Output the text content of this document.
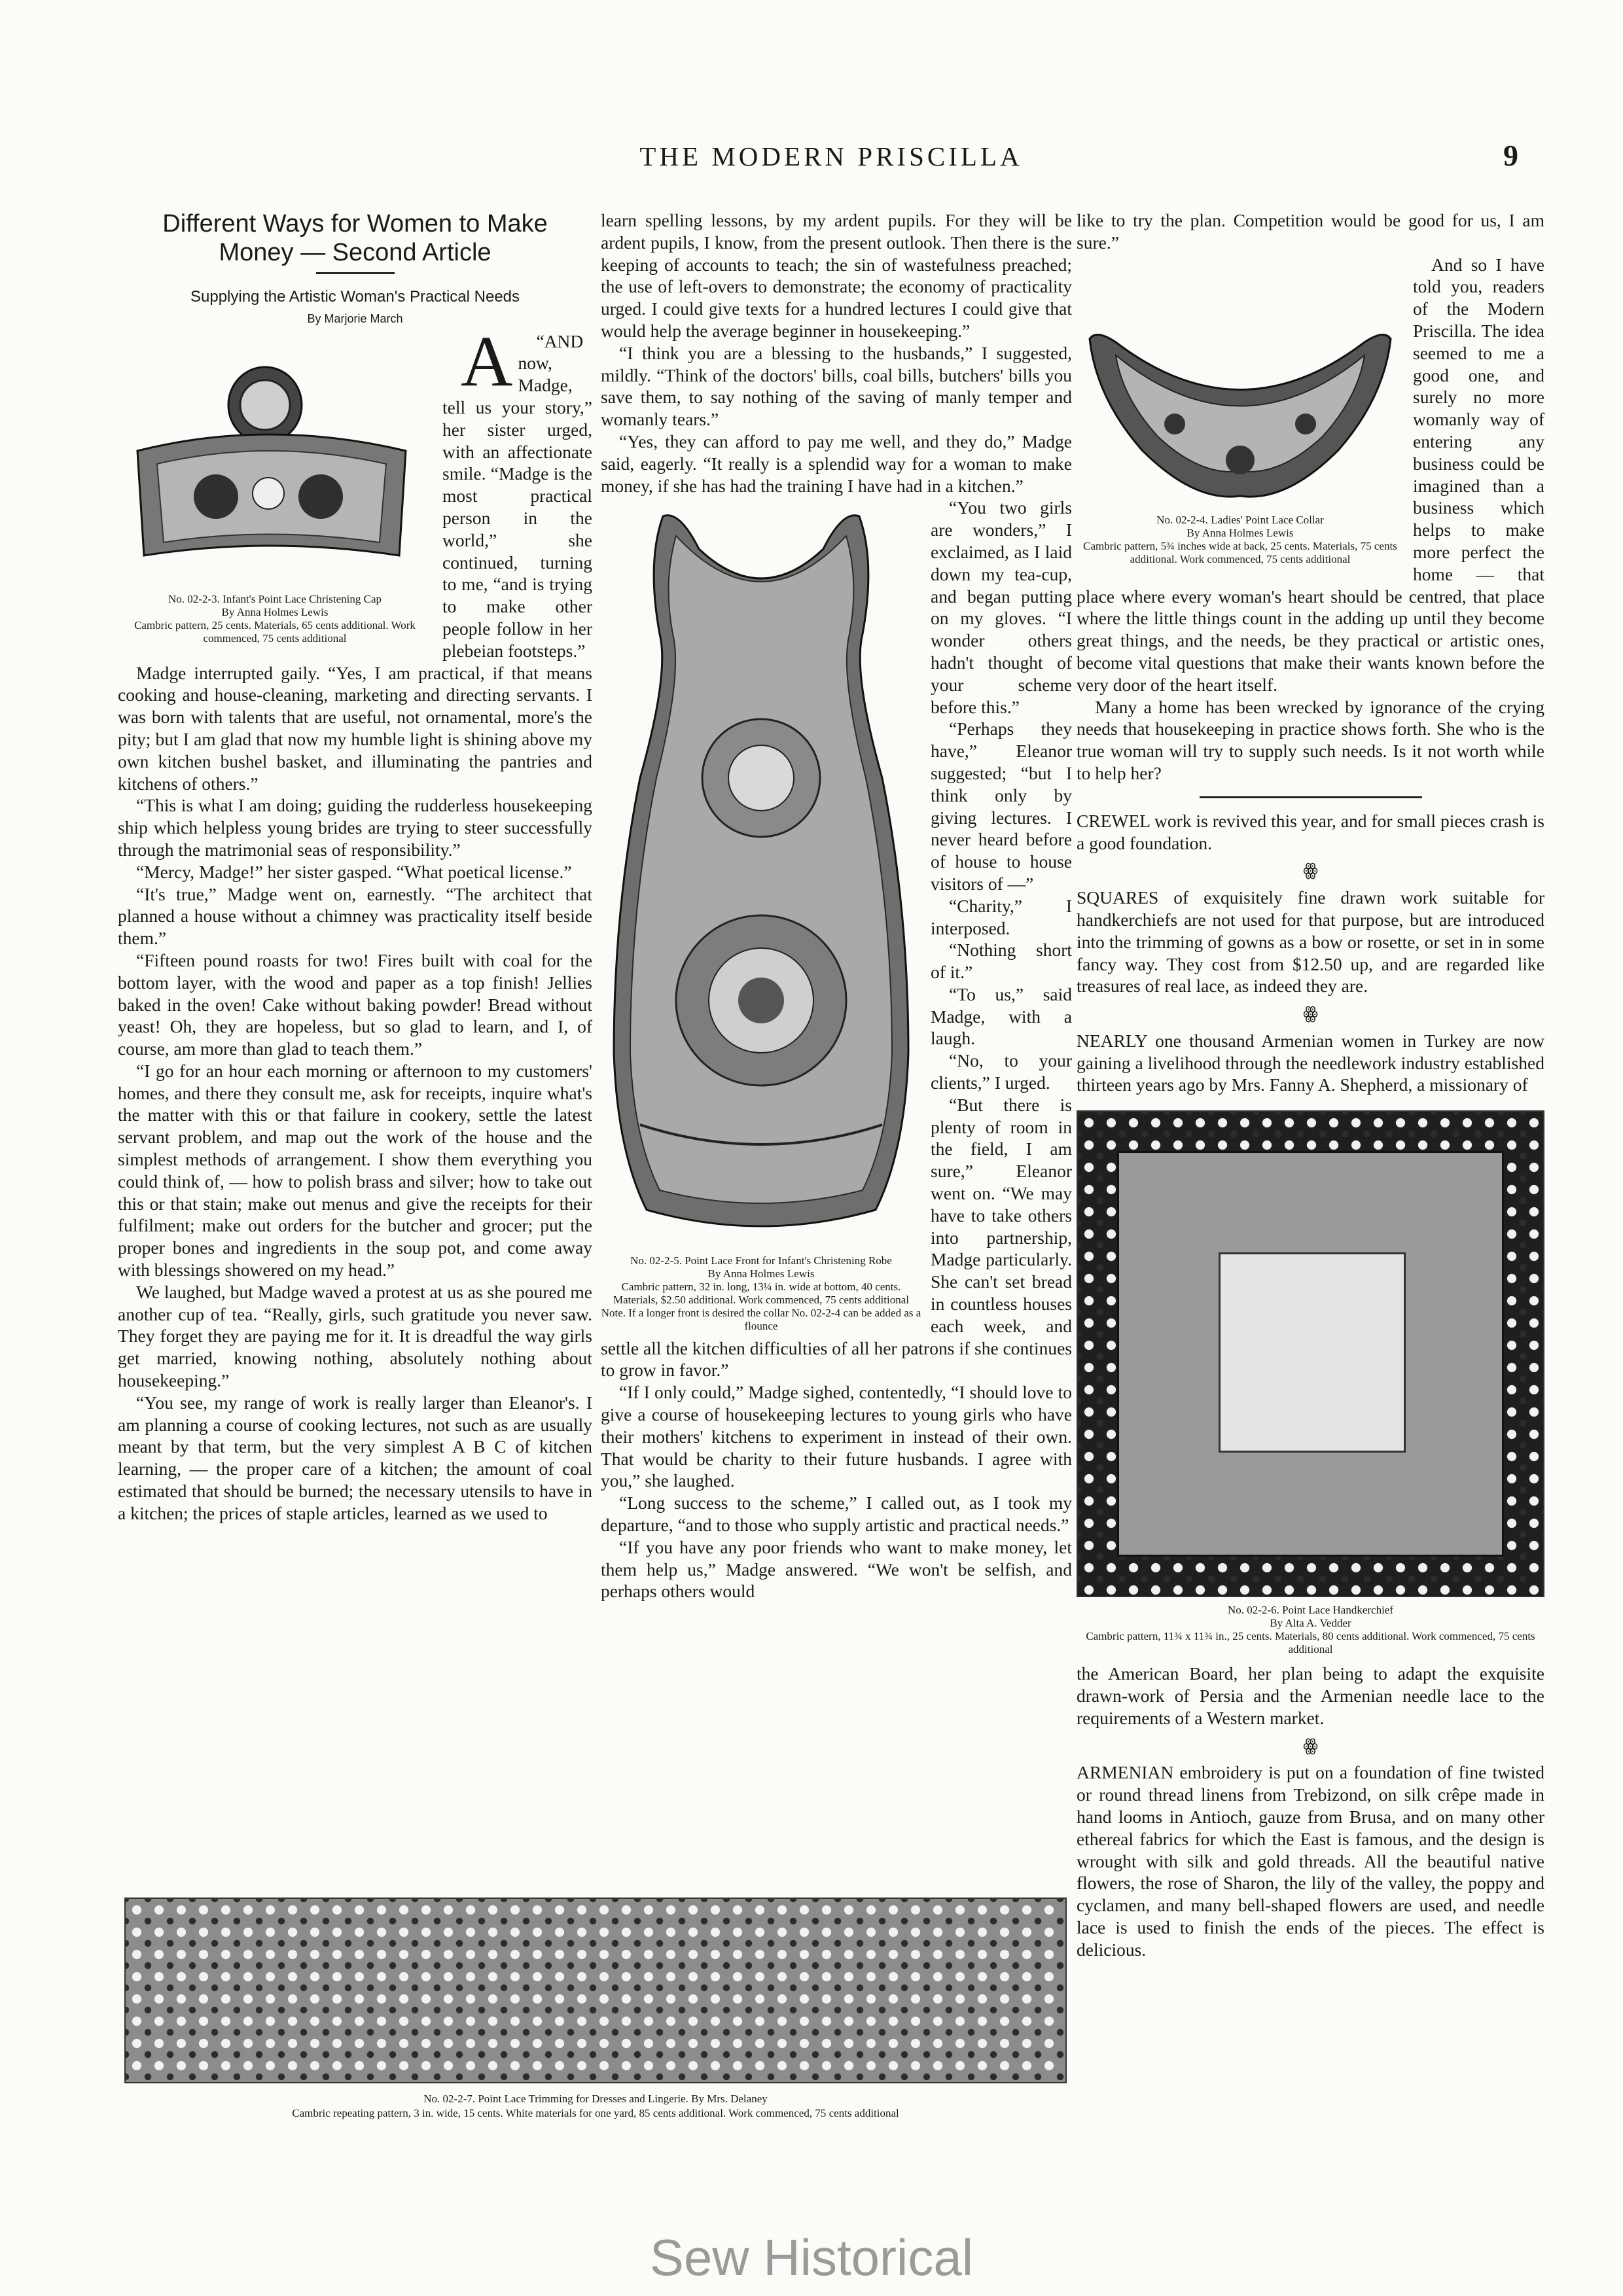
THE MODERN PRISCILLA	9

Different Ways for Women to Make

Money — Second Article

Supplying the Artistic Woman's Practical Needs

By Marjorie March

No. 02-2-3. Infant's Point Lace Christening Cap

By Anna Holmes Lewis

Cambric pattern, 25 cents. Materials, 65 cents additional. Work commenced, 75 cents additional

A “AND now, Madge, tell us your story,” her sister urged, with an affectionate smile. “Madge is the most practical person in the world,” she continued, turning to me, “and is trying to make other people follow in her plebeian footsteps.”

Madge interrupted gaily. “Yes, I am practical, if that means cooking and house-cleaning, marketing and directing servants. I was born with talents that are useful, not ornamental, more's the pity; but I am glad that now my humble light is shining above my own kitchen bushel basket, and illuminating the pantries and kitchens of others.”

“This is what I am doing; guiding the rudderless housekeeping ship which helpless young brides are trying to steer successfully through the matrimonial seas of responsibility.”

“Mercy, Madge!” her sister gasped. “What poetical license.”

“It's true,” Madge went on, earnestly. “The architect that planned a house without a chimney was practicality itself beside them.”

“Fifteen pound roasts for two! Fires built with coal for the bottom layer, with the wood and paper as a top finish! Jellies baked in the oven! Cake without baking powder! Bread without yeast! Oh, they are hopeless, but so glad to learn, and I, of course, am more than glad to teach them.”

“I go for an hour each morning or afternoon to my customers' homes, and there they consult me, ask for receipts, inquire what's the matter with this or that failure in cookery, settle the latest servant problem, and map out the work of the house and the simplest methods of arrangement. I show them everything you could think of, — how to polish brass and silver; how to take out this or that stain; make out menus and give the receipts for their fulfilment; make out orders for the butcher and grocer; put the proper bones and ingredients in the soup pot, and come away with blessings showered on my head.”

We laughed, but Madge waved a protest at us as she poured me another cup of tea. “Really, girls, such gratitude you never saw. They forget they are paying me for it. It is dreadful the way girls get married, knowing nothing, absolutely nothing about housekeeping.”

“You see, my range of work is really larger than Eleanor's. I am planning a course of cooking lectures, not such as are usually meant by that term, but the very simplest A B C of kitchen learning, — the proper care of a kitchen; the amount of coal estimated that should be burned; the necessary utensils to have in a kitchen; the prices of staple articles, learned as we used to

learn spelling lessons, by my ardent pupils. For they will be ardent pupils, I know, from the present outlook. Then there is the keeping of accounts to teach; the sin of wastefulness preached; the use of left-overs to demonstrate; the economy of practicality urged. I could give texts for a hundred lectures I could give that would help the average beginner in housekeeping.”

“I think you are a blessing to the husbands,” I suggested, mildly. “Think of the doctors' bills, coal bills, butchers' bills you save them, to say nothing of the saving of manly temper and womanly tears.”

“Yes, they can afford to pay me well, and they do,” Madge said, eagerly. “It really is a splendid way for a woman to make money, if she has had the training I have had in a kitchen.”

No. 02-2-5. Point Lace Front for Infant's Christening Robe

By Anna Holmes Lewis

Cambric pattern, 32 in. long, 13¼ in. wide at bottom, 40 cents. Materials, $2.50 additional. Work commenced, 75 cents additional

Note. If a longer front is desired the collar No. 02-2-4 can be added as a flounce

“You two girls are wonders,” I exclaimed, as I laid down my tea-cup, and began putting on my gloves. “I wonder others hadn't thought of your scheme before this.”

“Perhaps they have,” Eleanor suggested; “but I think only by giving lectures. I never heard before of house to house visitors of —”

“Charity,” I interposed.

“Nothing short of it.”

“To us,” said Madge, with a laugh.

“No, to your clients,” I urged.

“But there is plenty of room in the field, I am sure,” Eleanor went on. “We may have to take others into partnership, Madge particularly. She can't set bread in countless houses each week, and settle all the kitchen difficulties of all her patrons if she continues to grow in favor.”

“If I only could,” Madge sighed, contentedly, “I should love to give a course of housekeeping lectures to young girls who have their mothers' kitchens to experiment in instead of their own. That would be charity to their future husbands. I agree with you,” she laughed.

“Long success to the scheme,” I called out, as I took my departure, “and to those who supply artistic and practical needs.”

“If you have any poor friends who want to make money, let them help us,” Madge answered. “We won't be selfish, and perhaps others would

like to try the plan. Competition would be good for us, I am sure.”

No. 02-2-4. Ladies' Point Lace Collar

By Anna Holmes Lewis

Cambric pattern, 5¾ inches wide at back, 25 cents. Materials, 75 cents additional. Work commenced, 75 cents additional

And so I have told you, readers of the Modern Priscilla. The idea seemed to me a good one, and surely no more womanly way of entering any business could be imagined than a business which helps to make more perfect the home — that place where every woman's heart should be centred, that place where the little things count in the adding up until they become great things, and the needs, be they practical or artistic ones, become vital questions that make their wants known before the very door of the heart itself.

Many a home has been wrecked by ignorance of the crying needs that housekeeping in practice shows forth. She who is the true woman will try to supply such needs. Is it not worth while to help her?

CREWEL work is revived this year, and for small pieces crash is a good foundation.

ꙮ

SQUARES of exquisitely fine drawn work suitable for handkerchiefs are not used for that purpose, but are introduced into the trimming of gowns as a bow or rosette, or set in in some fancy way. They cost from $12.50 up, and are regarded like treasures of real lace, as indeed they are.

ꙮ

NEARLY one thousand Armenian women in Turkey are now gaining a livelihood through the needlework industry established thirteen years ago by Mrs. Fanny A. Shepherd, a missionary of

No. 02-2-6. Point Lace Handkerchief

By Alta A. Vedder

Cambric pattern, 11¾ x 11¾ in., 25 cents. Materials, 80 cents additional. Work commenced, 75 cents additional

the American Board, her plan being to adapt the exquisite drawn-work of Persia and the Armenian needle lace to the requirements of a Western market.

ꙮ

ARMENIAN embroidery is put on a foundation of fine twisted or round thread linens from Trebizond, on silk crêpe made in hand looms in Antioch, gauze from Brusa, and on many other ethereal fabrics for which the East is famous, and the design is wrought with silk and gold threads. All the beautiful native flowers, the rose of Sharon, the lily of the valley, the poppy and cyclamen, and many bell-shaped flowers are used, and needle lace is used to finish the ends of the pieces. The effect is delicious.

No. 02-2-7. Point Lace Trimming for Dresses and Lingerie. By Mrs. Delaney

Cambric repeating pattern, 3 in. wide, 15 cents. White materials for one yard, 85 cents additional. Work commenced, 75 cents additional

Sew Historical
